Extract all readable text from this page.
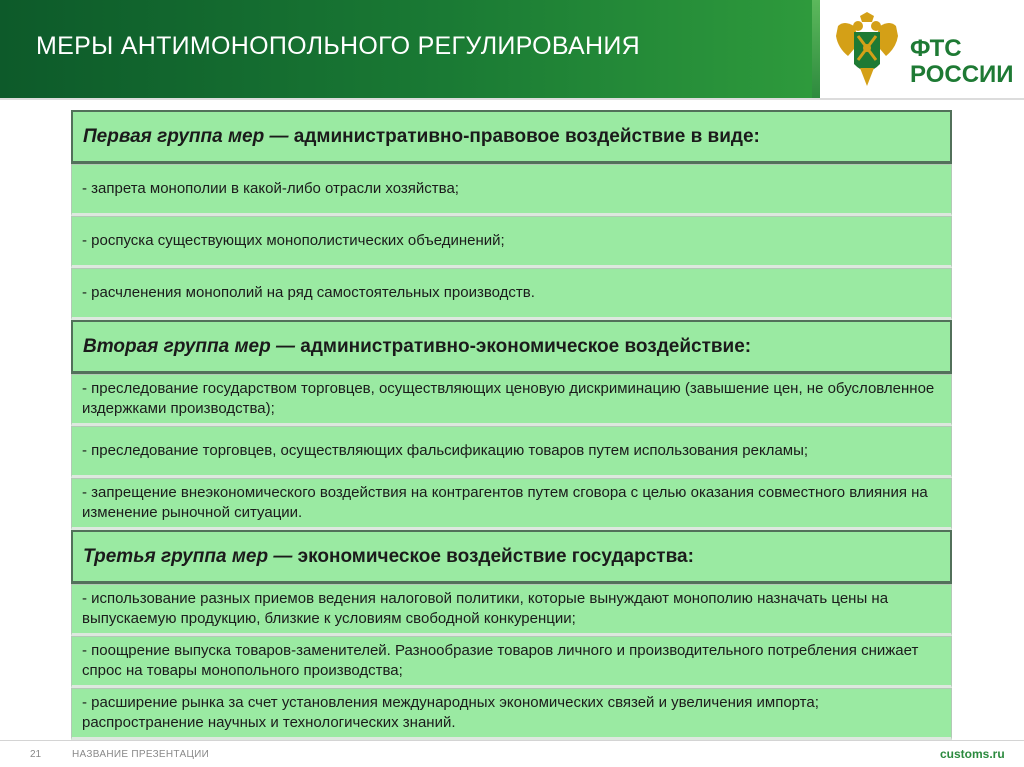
МЕРЫ АНТИМОНОПОЛЬНОГО РЕГУЛИРОВАНИЯ	ФТС
РОССИИ
Первая группа мер — административно-правовое воздействие в виде:
- запрета монополии в какой-либо отрасли хозяйства;
- роспуска существующих монополистических объединений;
- расчленения монополий на ряд самостоятельных производств.
Вторая группа мер — административно-экономическое воздействие:
- преследование государством торговцев, осуществляющих ценовую дискриминацию (завышение цен, не обусловленное издержками производства);
- преследование торговцев, осуществляющих фальсификацию товаров путем использования рекламы;
- запрещение внеэкономического воздействия на контрагентов путем сговора с целью оказания совместного влияния на изменение рыночной ситуации.
Третья группа мер — экономическое воздействие государства:
- использование разных приемов ведения налоговой политики, которые вынуждают монополию назначать цены на выпускаемую продукцию, близкие к условиям свободной конкуренции;
- поощрение выпуска товаров-заменителей. Разнообразие товаров личного и производительного потребления снижает спрос на товары монопольного производства;
- расширение рынка за счет установления международных экономических связей и увеличения импорта; распространение научных и технологических знаний.
21	НАЗВАНИЕ ПРЕЗЕНТАЦИИ	customs.ru
